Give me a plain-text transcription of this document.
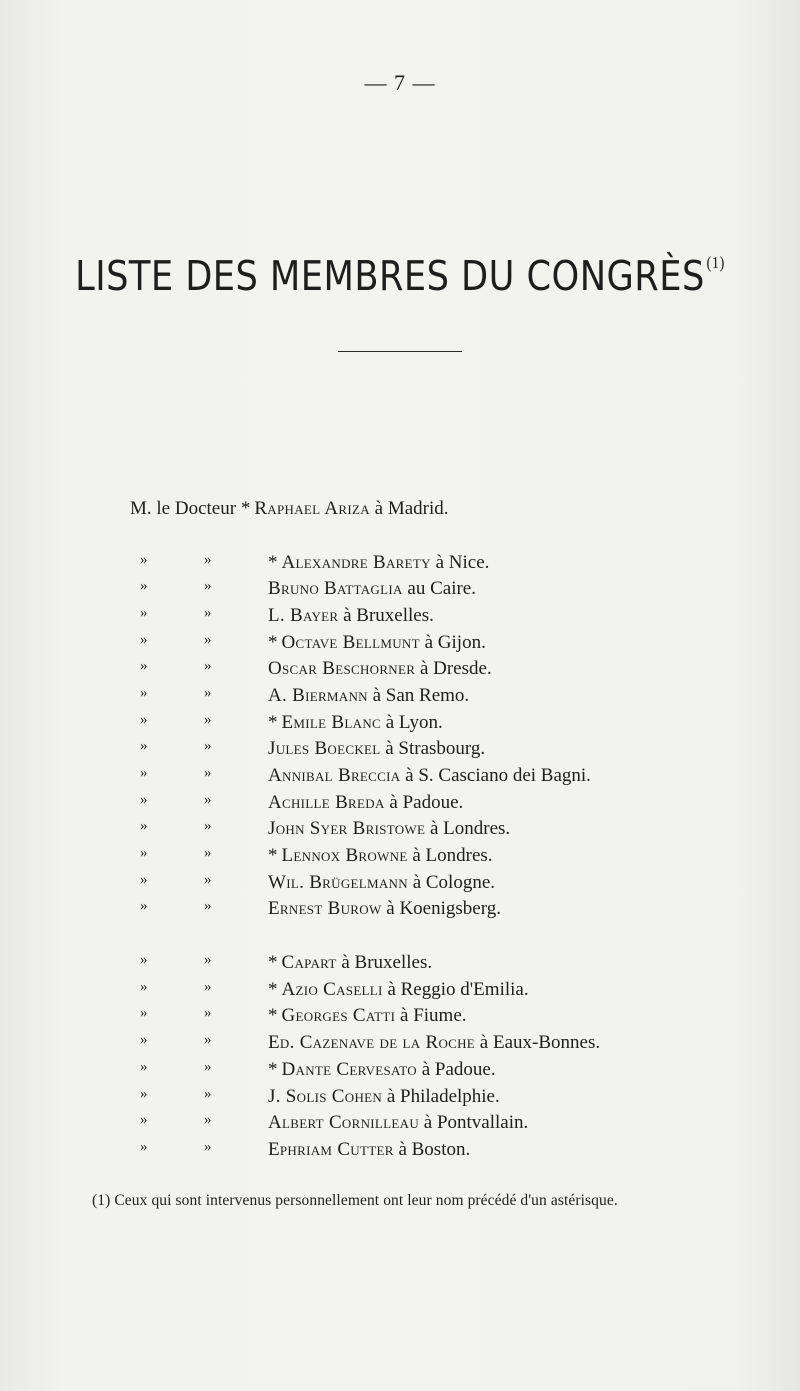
— 7 —
LISTE DES MEMBRES DU CONGRÈS $^{(1)}$
M. le Docteur * Raphael Ariza à Madrid.
»	»	* Alexandre Barety à Nice.
»	»	Bruno Battaglia au Caire.
»	»	L. Bayer à Bruxelles.
»	»	* Octave Bellmunt à Gijon.
»	»	Oscar Beschorner à Dresde.
»	»	A. Biermann à San Remo.
»	»	* Emile Blanc à Lyon.
»	»	Jules Boeckel à Strasbourg.
»	»	Annibal Breccia à S. Casciano dei Bagni.
»	»	Achille Breda à Padoue.
»	»	John Syer Bristowe à Londres.
»	»	* Lennox Browne à Londres.
»	»	Wil. Brügelmann à Cologne.
»	»	Ernest Burow à Koenigsberg.
»	»	* Capart à Bruxelles.
»	»	* Azio Caselli à Reggio d'Emilia.
»	»	* Georges Catti à Fiume.
»	»	Ed. Cazenave de la Roche à Eaux-Bonnes.
»	»	* Dante Cervesato à Padoue.
»	»	J. Solis Cohen à Philadelphie.
»	»	Albert Cornilleau à Pontvallain.
»	»	Ephriam Cutter à Boston.
(1) Ceux qui sont intervenus personnellement ont leur nom précédé d'un astérisque.
